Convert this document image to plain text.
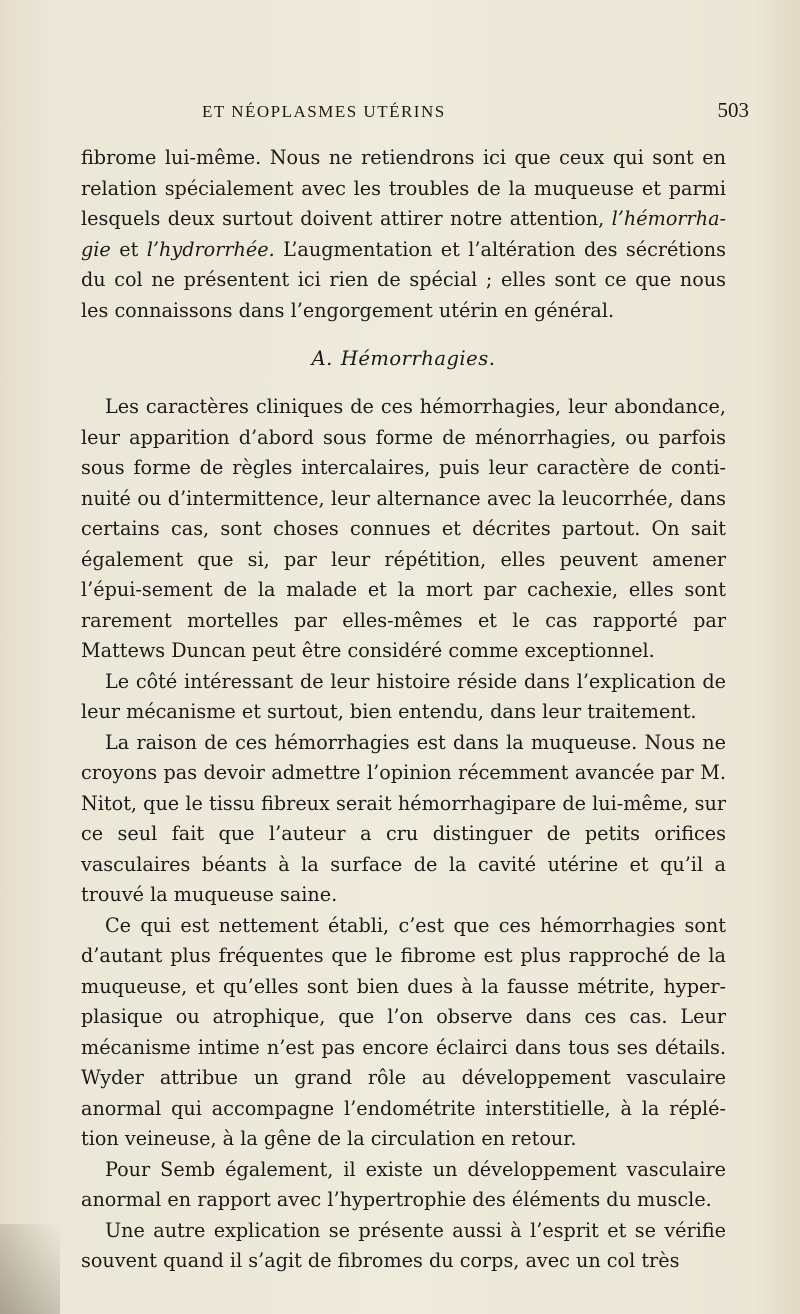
ET NÉOPLASMES UTÉRINS	503

fibrome lui-même. Nous ne retiendrons ici que ceux qui sont en relation spécialement avec les troubles de la muqueuse et parmi lesquels deux surtout doivent attirer notre attention, l’hémorrha-gie et l’hydrorrhée. L’augmentation et l’altération des sécrétions du col ne présentent ici rien de spécial ; elles sont ce que nous les connaissons dans l’engorgement utérin en général.

A. Hémorrhagies.

Les caractères cliniques de ces hémorrhagies, leur abondance, leur apparition d’abord sous forme de ménorrhagies, ou parfois sous forme de règles intercalaires, puis leur caractère de conti-nuité ou d’intermittence, leur alternance avec la leucorrhée, dans certains cas, sont choses connues et décrites partout. On sait également que si, par leur répétition, elles peuvent amener l’épui-sement de la malade et la mort par cachexie, elles sont rarement mortelles par elles-mêmes et le cas rapporté par Mattews Duncan peut être considéré comme exceptionnel.

Le côté intéressant de leur histoire réside dans l’explication de leur mécanisme et surtout, bien entendu, dans leur traitement.

La raison de ces hémorrhagies est dans la muqueuse. Nous ne croyons pas devoir admettre l’opinion récemment avancée par M. Nitot, que le tissu fibreux serait hémorrhagipare de lui-même, sur ce seul fait que l’auteur a cru distinguer de petits orifices vasculaires béants à la surface de la cavité utérine et qu’il a trouvé la muqueuse saine.

Ce qui est nettement établi, c’est que ces hémorrhagies sont d’autant plus fréquentes que le fibrome est plus rapproché de la muqueuse, et qu’elles sont bien dues à la fausse métrite, hyper-plasique ou atrophique, que l’on observe dans ces cas. Leur mécanisme intime n’est pas encore éclairci dans tous ses détails. Wyder attribue un grand rôle au développement vasculaire anormal qui accompagne l’endométrite interstitielle, à la réplé-tion veineuse, à la gêne de la circulation en retour.

Pour Semb également, il existe un développement vasculaire anormal en rapport avec l’hypertrophie des éléments du muscle.

Une autre explication se présente aussi à l’esprit et se vérifie souvent quand il s’agit de fibromes du corps, avec un col très
